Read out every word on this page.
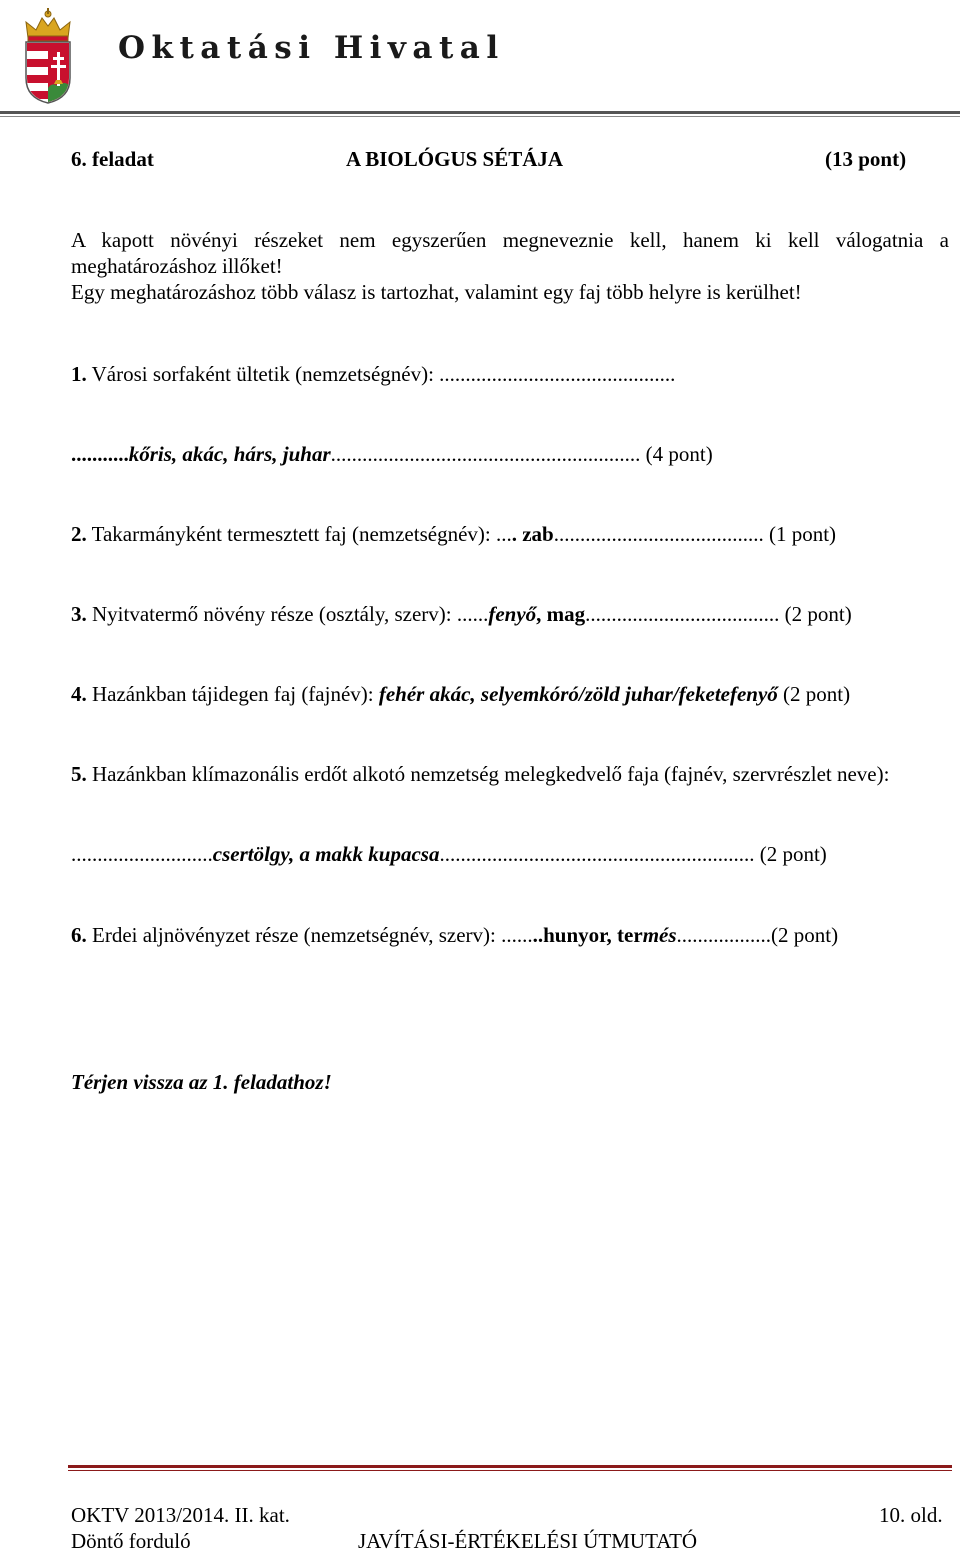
Oktatási Hivatal
6. feladat	A BIOLÓGUS SÉTÁJA	(13 pont)
A kapott növényi részeket nem egyszerűen megneveznie kell, hanem ki kell válogatnia a meghatározáshoz illőket!
Egy meghatározáshoz több válasz is tartozhat, valamint egy faj több helyre is kerülhet!
1. Városi sorfaként ültetik (nemzetségnév): .............................................
...........kőris, akác, hárs, juhar........................................................... (4 pont)
2. Takarmányként termesztett faj (nemzetségnév): .... zab........................................ (1 pont)
3. Nyitvatermő növény része (osztály, szerv): ......fenyő, mag..................................... (2 pont)
4. Hazánkban tájidegen faj (fajnév): fehér akác, selyemkóró/zöld juhar/feketefenyő (2 pont)
5. Hazánkban klímazonális erdőt alkotó nemzetség melegkedvelő faja (fajnév, szervrészlet neve):
...........................csertölgy, a makk kupacsa............................................................ (2 pont)
6. Erdei aljnövényzet része (nemzetségnév, szerv): ........hunyor, termés..................(2 pont)
Térjen vissza az 1. feladathoz!
OKTV 2013/2014. II. kat.
Döntő forduló	JAVÍTÁSI-ÉRTÉKELÉSI ÚTMUTATÓ
10. old.
